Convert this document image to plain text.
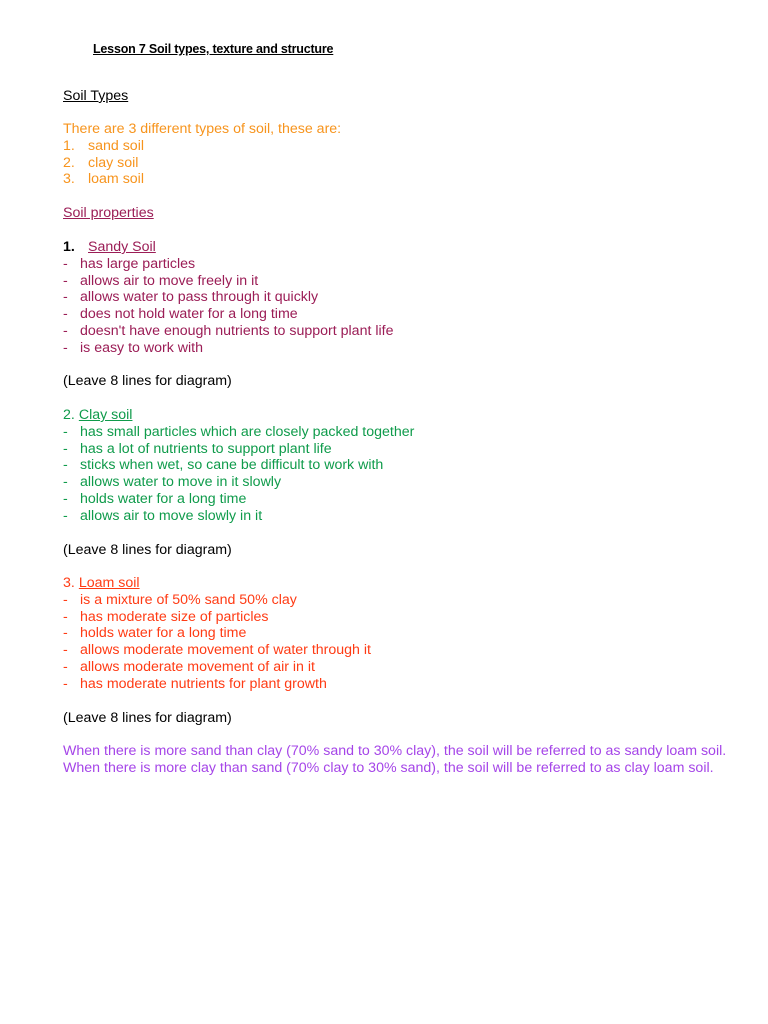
Lesson 7 Soil types, texture and structure
Soil Types
There are 3 different types of soil, these are:
1. sand soil
2. clay soil
3. loam soil
Soil properties
1. Sandy Soil
- has large particles
- allows air to move freely in it
- allows water to pass through it quickly
- does not hold water for a long time
- doesn't have enough nutrients to support plant life
- is easy to work with
(Leave 8 lines for diagram)
2. Clay soil
- has small particles which are closely packed together
- has a lot of nutrients to support plant life
- sticks when wet, so cane be difficult to work with
- allows water to move in it slowly
- holds water for a long time
- allows air to move slowly in it
(Leave 8 lines for diagram)
3. Loam soil
- is a mixture of 50% sand 50% clay
- has moderate size of particles
- holds water for a long time
- allows moderate movement of water through it
- allows moderate movement of air in it
- has moderate nutrients for plant growth
(Leave 8 lines for diagram)
When there is more sand than clay (70% sand to 30% clay), the soil will be referred to as sandy loam soil.
When there is more clay than sand (70% clay to 30% sand), the soil will be referred to as clay loam soil.
